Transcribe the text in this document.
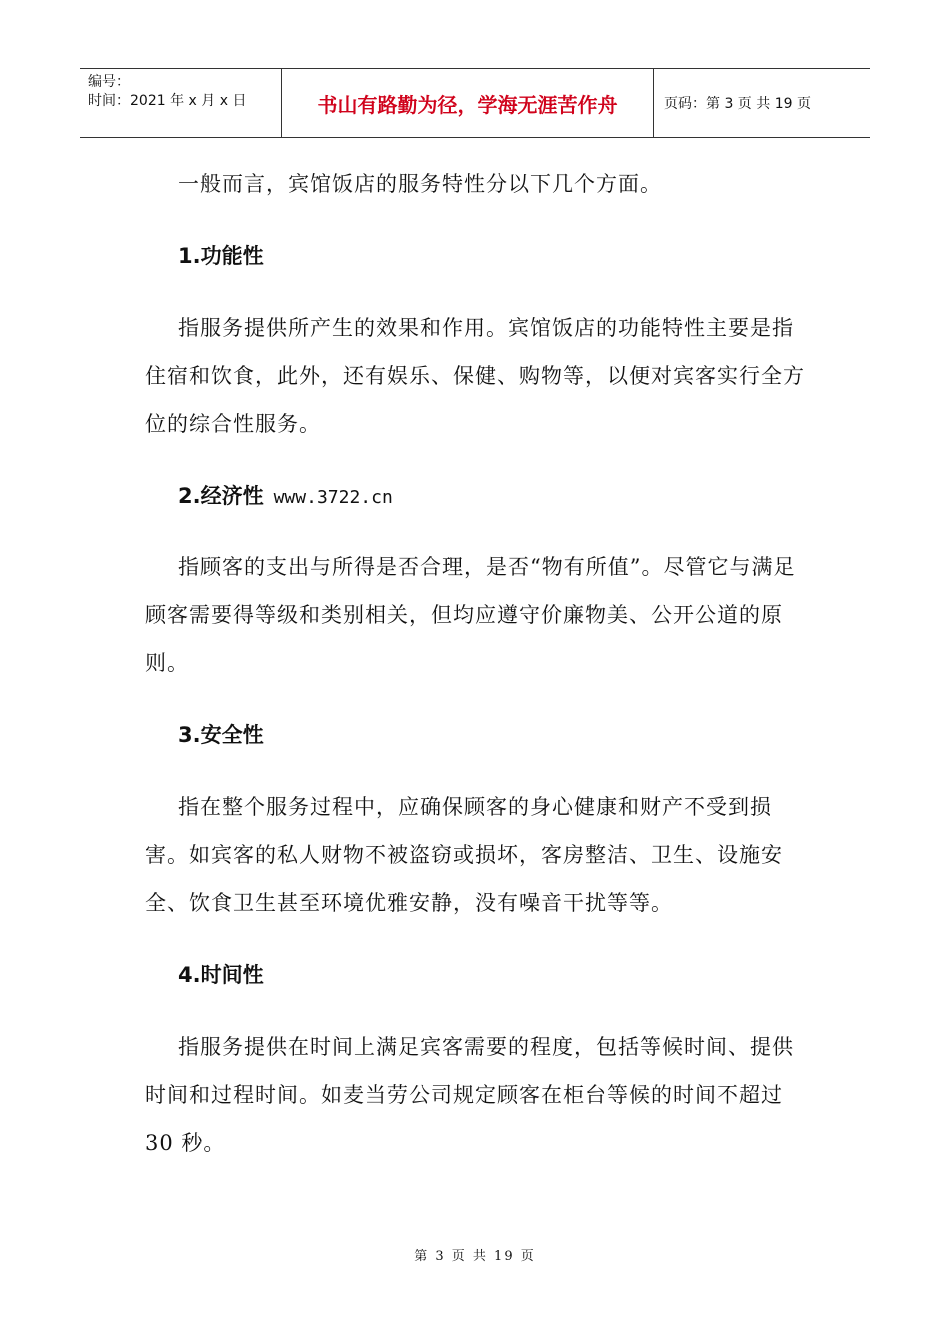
编号：
时间：2021 年 x 月 x 日	书山有路勤为径，学海无涯苦作舟	页码：第 3 页 共 19 页

一般而言，宾馆饭店的服务特性分以下几个方面。

1.功能性

指服务提供所产生的效果和作用。宾馆饭店的功能特性主要是指住宿和饮食，此外，还有娱乐、保健、购物等，以便对宾客实行全方位的综合性服务。

2.经济性 www.3722.cn

指顾客的支出与所得是否合理，是否“物有所值”。尽管它与满足顾客需要得等级和类别相关，但均应遵守价廉物美、公开公道的原则。

3.安全性

指在整个服务过程中，应确保顾客的身心健康和财产不受到损害。如宾客的私人财物不被盗窃或损坏，客房整洁、卫生、设施安全、饮食卫生甚至环境优雅安静，没有噪音干扰等等。

4.时间性

指服务提供在时间上满足宾客需要的程度，包括等候时间、提供时间和过程时间。如麦当劳公司规定顾客在柜台等候的时间不超过 30 秒。

第 3 页 共 19 页
